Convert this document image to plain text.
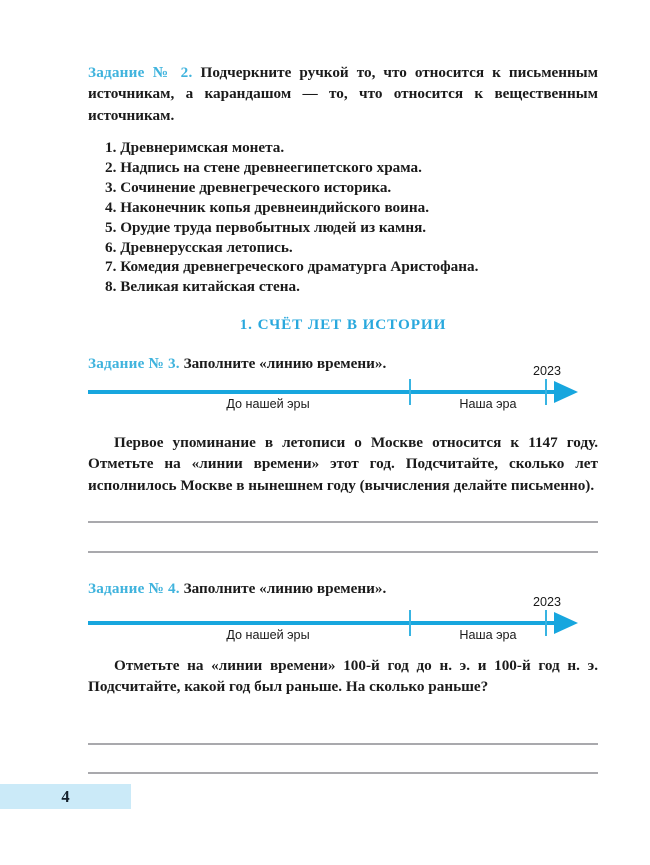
Задание № 2. Подчеркните ручкой то, что относится к письменным источникам, а карандашом — то, что относится к вещественным источникам.

1. Древнеримская монета.
2. Надпись на стене древнеегипетского храма.
3. Сочинение древнегреческого историка.
4. Наконечник копья древнеиндийского воина.
5. Орудие труда первобытных людей из камня.
6. Древнерусская летопись.
7. Комедия древнегреческого драматурга Аристофана.
8. Великая китайская стена.
1. СЧЁТ ЛЕТ В ИСТОРИИ

Задание № 3. Заполните «линию времени».	2023
До нашей эры	Наша эра

Первое упоминание в летописи о Москве относится к 1147 году. Отметьте на «линии времени» этот год. Подсчитайте, сколько лет исполнилось Москве в нынешнем году (вычисления делайте письменно).

Задание № 4. Заполните «линию времени».

2023
До нашей эры	Наша эра

Отметьте на «линии времени» 100-й год до н. э. и 100-й год н. э. Подсчитайте, какой год был раньше. На сколько раньше?

4
